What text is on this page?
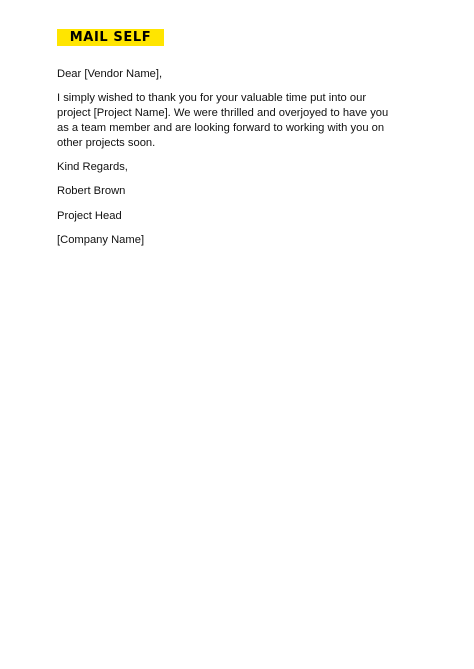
MAIL SELF

Dear [Vendor Name],

I simply wished to thank you for your valuable time put into our project [Project Name]. We were thrilled and overjoyed to have you as a team member and are looking forward to working with you on other projects soon.

Kind Regards,

Robert Brown

Project Head

[Company Name]
